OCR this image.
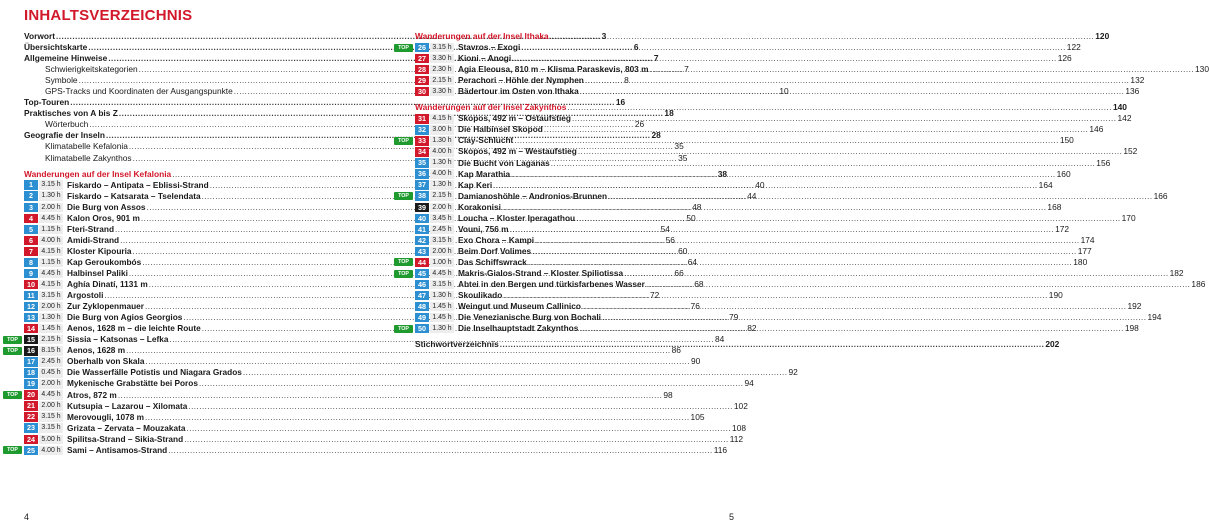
INHALTSVERZEICHNIS
Vorwort .....	3
Übersichtskarte .....	6
Allgemeine Hinweise .....	7
Schwierigkeitskategorien .....	7
Symbole .....	8
GPS-Tracks und Koordinaten der Ausgangspunkte .....	10
Top-Touren .....	16
Praktisches von A bis Z .....	18
Wörterbuch .....	26
Geografie der Inseln .....	28
Klimatabelle Kefalonia .....	35
Klimatabelle Zakynthos .....	35
Wanderungen auf der Insel Kefalonia .....	38
1	3.15 h Fiskardo – Antipata – Eblissi-Strand .....	40
2	1.30 h Fiskardo – Katsarata – Tselendata .....	44
3	2.00 h Die Burg von Assos .....	48
4	4.45 h Kalon Oros, 901 m .....	50
5	1.15 h Fteri-Strand .....	54
6	4.00 h Amidi-Strand .....	56
7	4.15 h Kloster Kipouria .....	60
8	1.15 h Kap Geroukombós .....	64
9	4.45 h Halbinsel Paliki .....	66
10 4.15 h Aghía Dinatí, 1131 m .....	68
11 3.15 h Argostoli .....	72
12 2.00 h Zur Zyklopenmauer .....	76
13 1.30 h Die Burg von Agios Georgios .....	79
14 1.45 h Aenos, 1628 m – die leichte Route .....	82
TOP	15 2.15 h Sissia – Katsonas – Lefka .....	84
TOP	16 8.15 h Aenos, 1628 m .....	86
17 2.45 h Oberhalb von Skala .....	90
18 0.45 h Die Wasserfälle Potistis und Niagara Grados .....	92
19 2.00 h Mykenische Grabstätte bei Poros .....	94
TOP	20 4.45 h Atros, 872 m .....	98
21 2.00 h Kutsupia – Lazarou – Xilomata .....	102
22 3.15 h Merovougli, 1078 m .....	105
23 3.15 h Grizata – Zervata – Mouzakata .....	108
24 5.00 h Spilitsa-Strand – Sikia-Strand .....	112
TOP	25 4.00 h Sami – Antisamos-Strand .....	116
4
Wanderungen auf der Insel Ithaka .....	120
TOP	26 3.15 h Stavros – Exogi .....	122
27 3.30 h Kioni – Anogi .....	126
28 2.30 h Agia Eleousa, 810 m – Klisma Paraskevis, 803 m .....	130
29 2.15 h Perachori – Höhle der Nymphen .....	132
30 3.30 h Bädertour im Osten von Ithaka .....	136
Wanderungen auf der Insel Zakynthos .....	140
31 4.15 h Skopos, 492 m – Ostaufstieg .....	142
32 3.00 h Die Halbinsel Skopod .....	146
TOP	33 1.30 h Clay-Schlucht .....	150
34 4.00 h Skopos, 492 m – Westaufstieg .....	152
35 1.30 h Die Bucht von Laganas .....	156
36 4.00 h Kap Marathia .....	160
37 1.30 h Kap Keri .....	164
TOP	38 2.15 h Damianoshöhle – Andronios-Brunnen .....	166
39 2.00 h Korakonisi .....	168
40 3.45 h Loucha – Kloster Iperagathou .....	170
41 2.45 h Vouni, 756 m .....	172
42 3.15 h Exo Chora – Kampi .....	174
43 2.00 h Beim Dorf Volimes .....	177
TOP	44 1.00 h Das Schiffswrack .....	180
TOP	45 4.45 h Makris-Gialos-Strand – Kloster Spiliotissa .....	182
46 3.15 h Abtei in den Bergen und türkisfarbenes Wasser .....	186
47 1.30 h Skoulikado .....	190
48 1.45 h Weingut und Museum Callinico .....	192
49 1.45 h Die Venezianische Burg von Bochali .....	194
TOP	50 1.30 h Die Inselhauptstadt Zakynthos .....	198
Stichwortverzeichnis .....	202
5
